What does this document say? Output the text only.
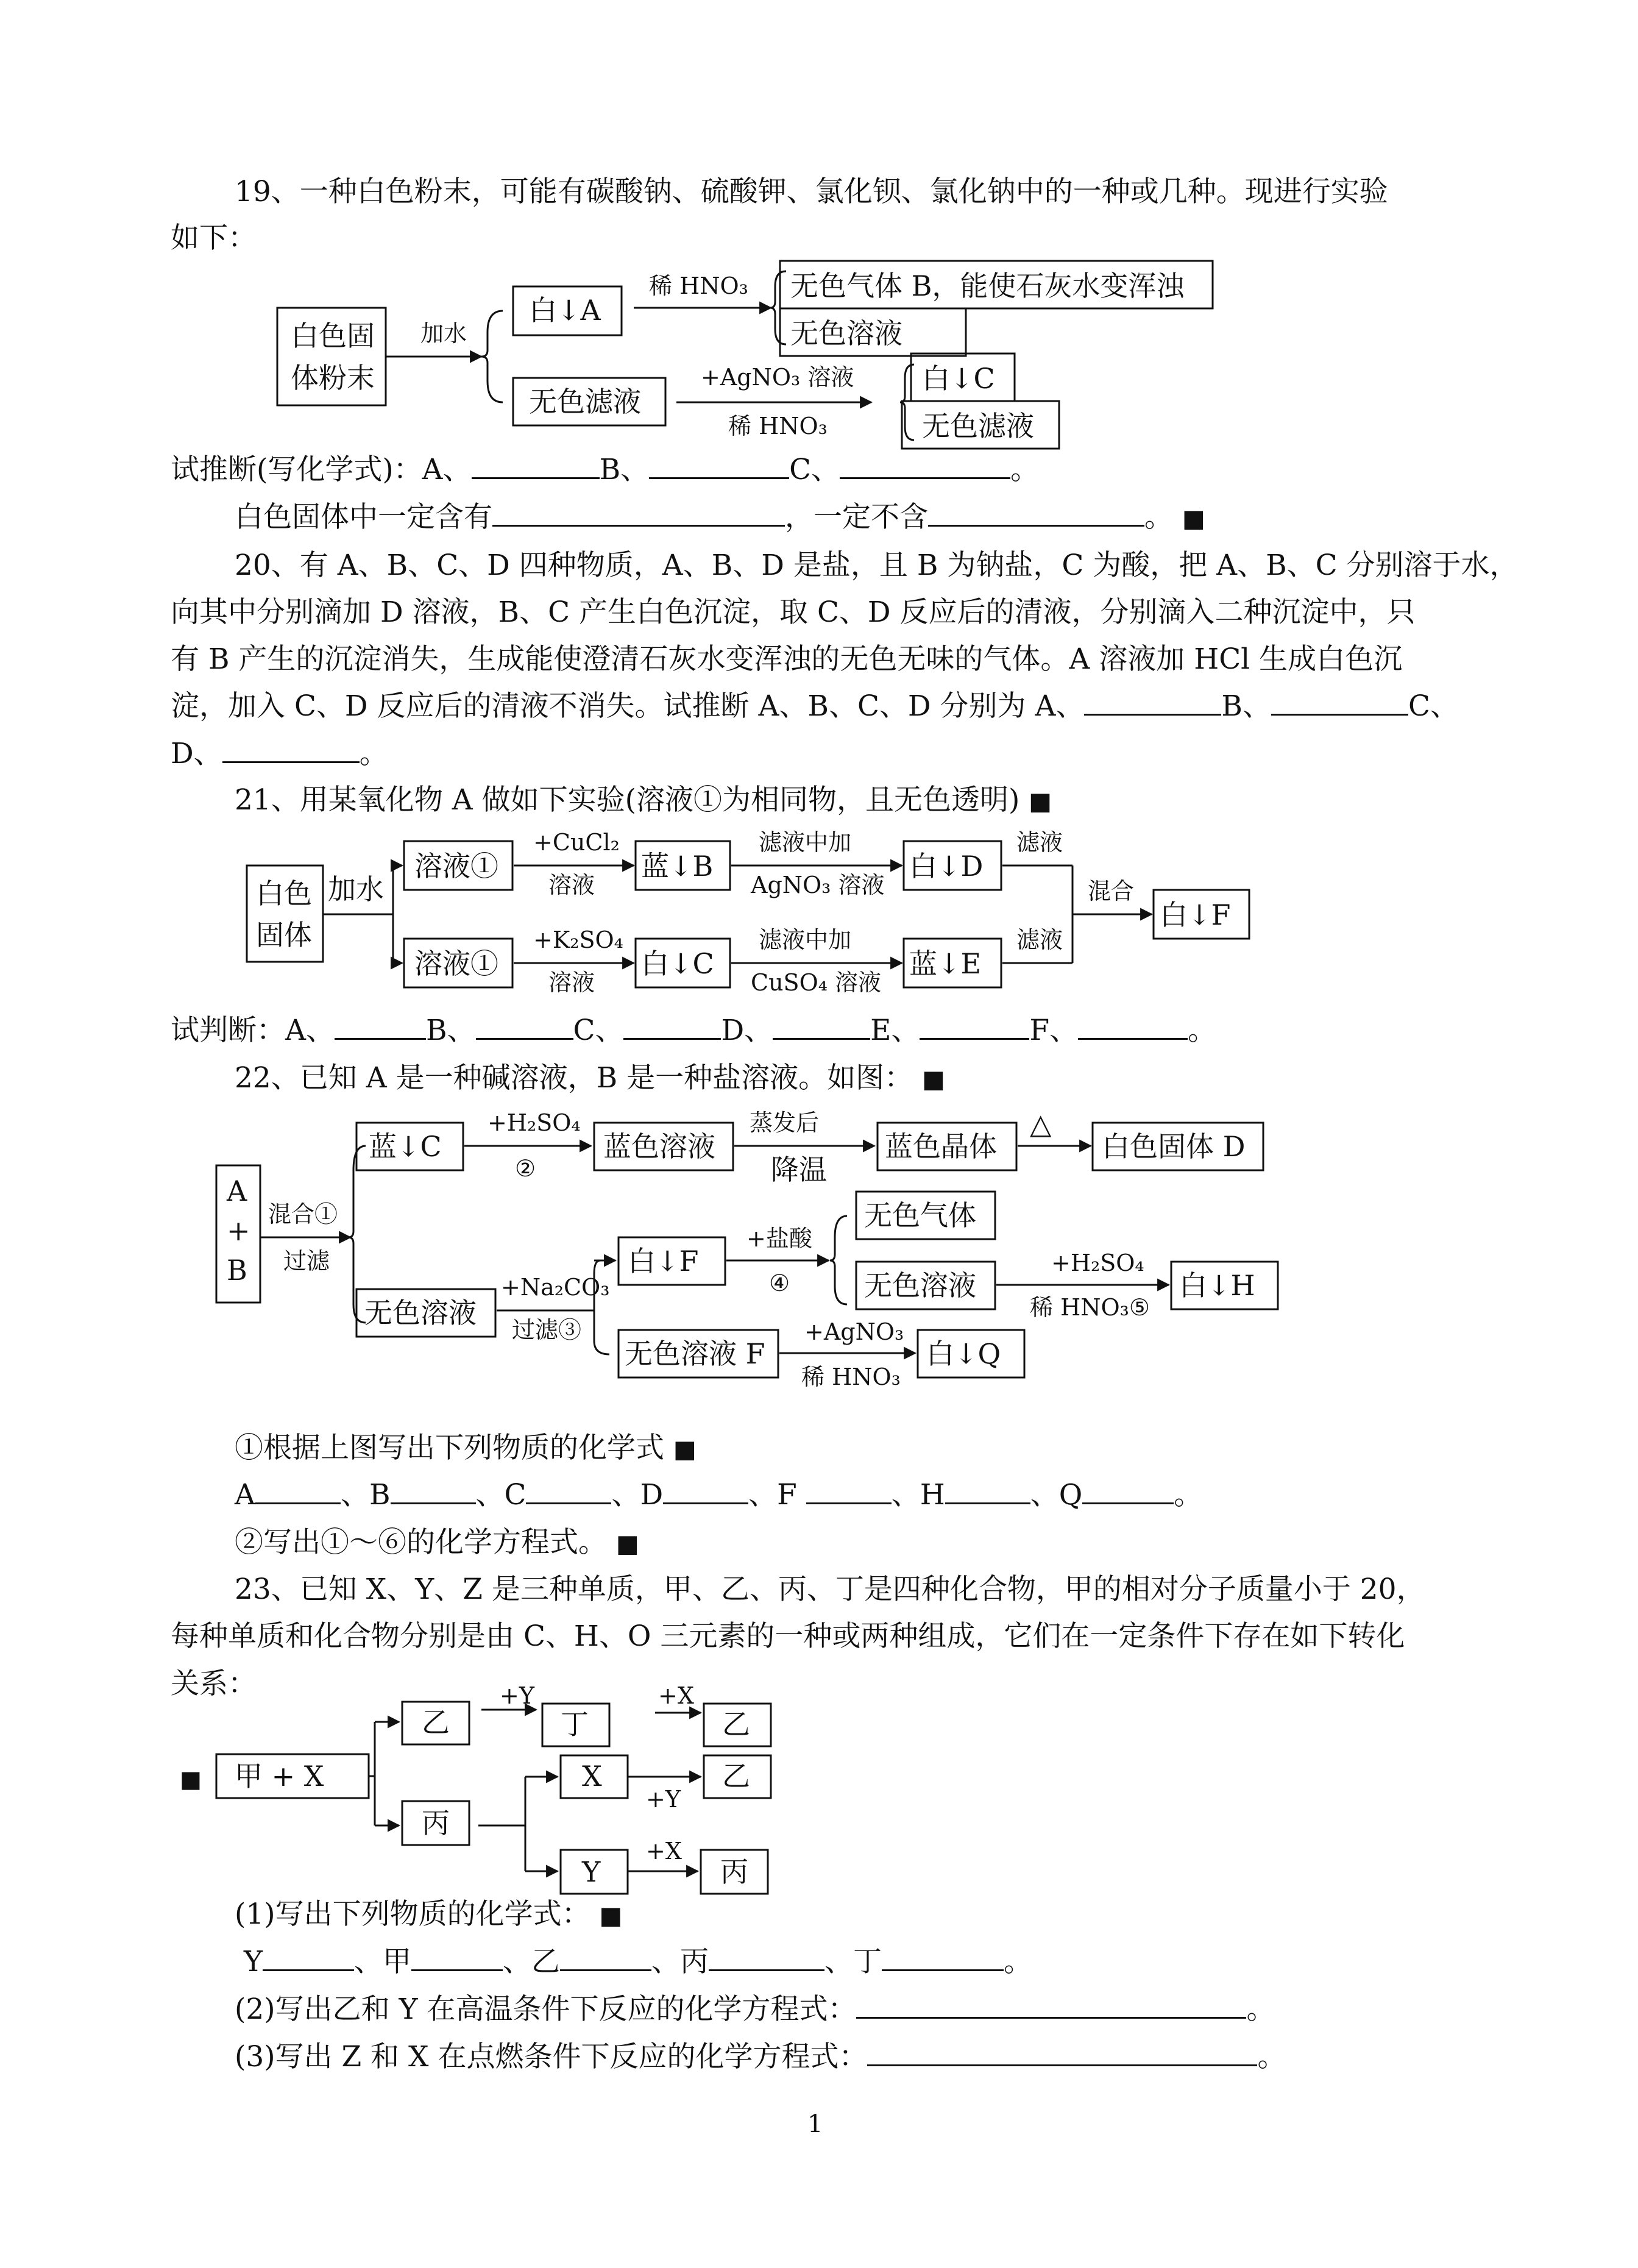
19、一种白色粉末，可能有碳酸钠、硫酸钾、氯化钡、氯化钠中的一种或几种。现进行实验
如下：
白色固
体粉末
加水
白↓A
无色滤液
稀 HNO₃ 无色气体 B，能使石灰水变浑浊
无色溶液
+AgNO₃ 溶液
稀 HNO₃
白↓C
无色滤液
试推断(写化学式)：A、	B、	C、	。
白色固体中一定含有	，一定不含	。 ■
20、有 A、B、C、D 四种物质，A、B、D 是盐，且 B 为钠盐，C 为酸，把 A、B、C 分别溶于水，
向其中分别滴加 D 溶液，B、C 产生白色沉淀，取 C、D 反应后的清液，分别滴入二种沉淀中，只
有 B 产生的沉淀消失，生成能使澄清石灰水变浑浊的无色无味的气体。A 溶液加 HCl 生成白色沉
淀，加入 C、D 反应后的清液不消失。试推断 A、B、C、D 分别为 A、	B、	C、
D、	。
21、用某氧化物 A 做如下实验(溶液①为相同物，且无色透明) ■
白色
固体
加水
溶液①
+CuCl₂
溶液
蓝↓B
滤液中加
AgNO₃ 溶液
白↓D
滤液
混合
白↓F
溶液①
+K₂SO₄
溶液
白↓C
滤液中加
CuSO₄ 溶液
蓝↓E
滤液
试判断：A、	B、	C、	D、	E、	F、	。
22、已知 A 是一种碱溶液，B 是一种盐溶液。如图： ■
A
+
B
混合①
过滤
蓝↓C
+H₂SO₄
②
蓝色溶液
蒸发后
降温
蓝色晶体
△
白色固体 D
无色溶液
+Na₂CO₃
过滤③
白↓F
+盐酸
④
无色气体
无色溶液
+H₂SO₄
稀 HNO₃⑤
白↓H
无色溶液 F
+AgNO₃
稀 HNO₃
白↓Q
①根据上图写出下列物质的化学式 ■
A	、B	、C	、D	、F	、H	、Q	。
②写出①～⑥的化学方程式。 ■
23、已知 X、Y、Z 是三种单质，甲、乙、丙、丁是四种化合物，甲的相对分子质量小于 20，
每种单质和化合物分别是由 C、H、O 三元素的一种或两种组成，它们在一定条件下存在如下转化
关系：
■ 甲 + X
乙
+Y
丁
+X
乙
丙
X
+Y
乙
Y
+X
丙
(1)写出下列物质的化学式： ■
Y	、甲	、乙	、丙	、丁	。
(2)写出乙和 Y 在高温条件下反应的化学方程式：	。
(3)写出 Z 和 X 在点燃条件下反应的化学方程式：	。
1
